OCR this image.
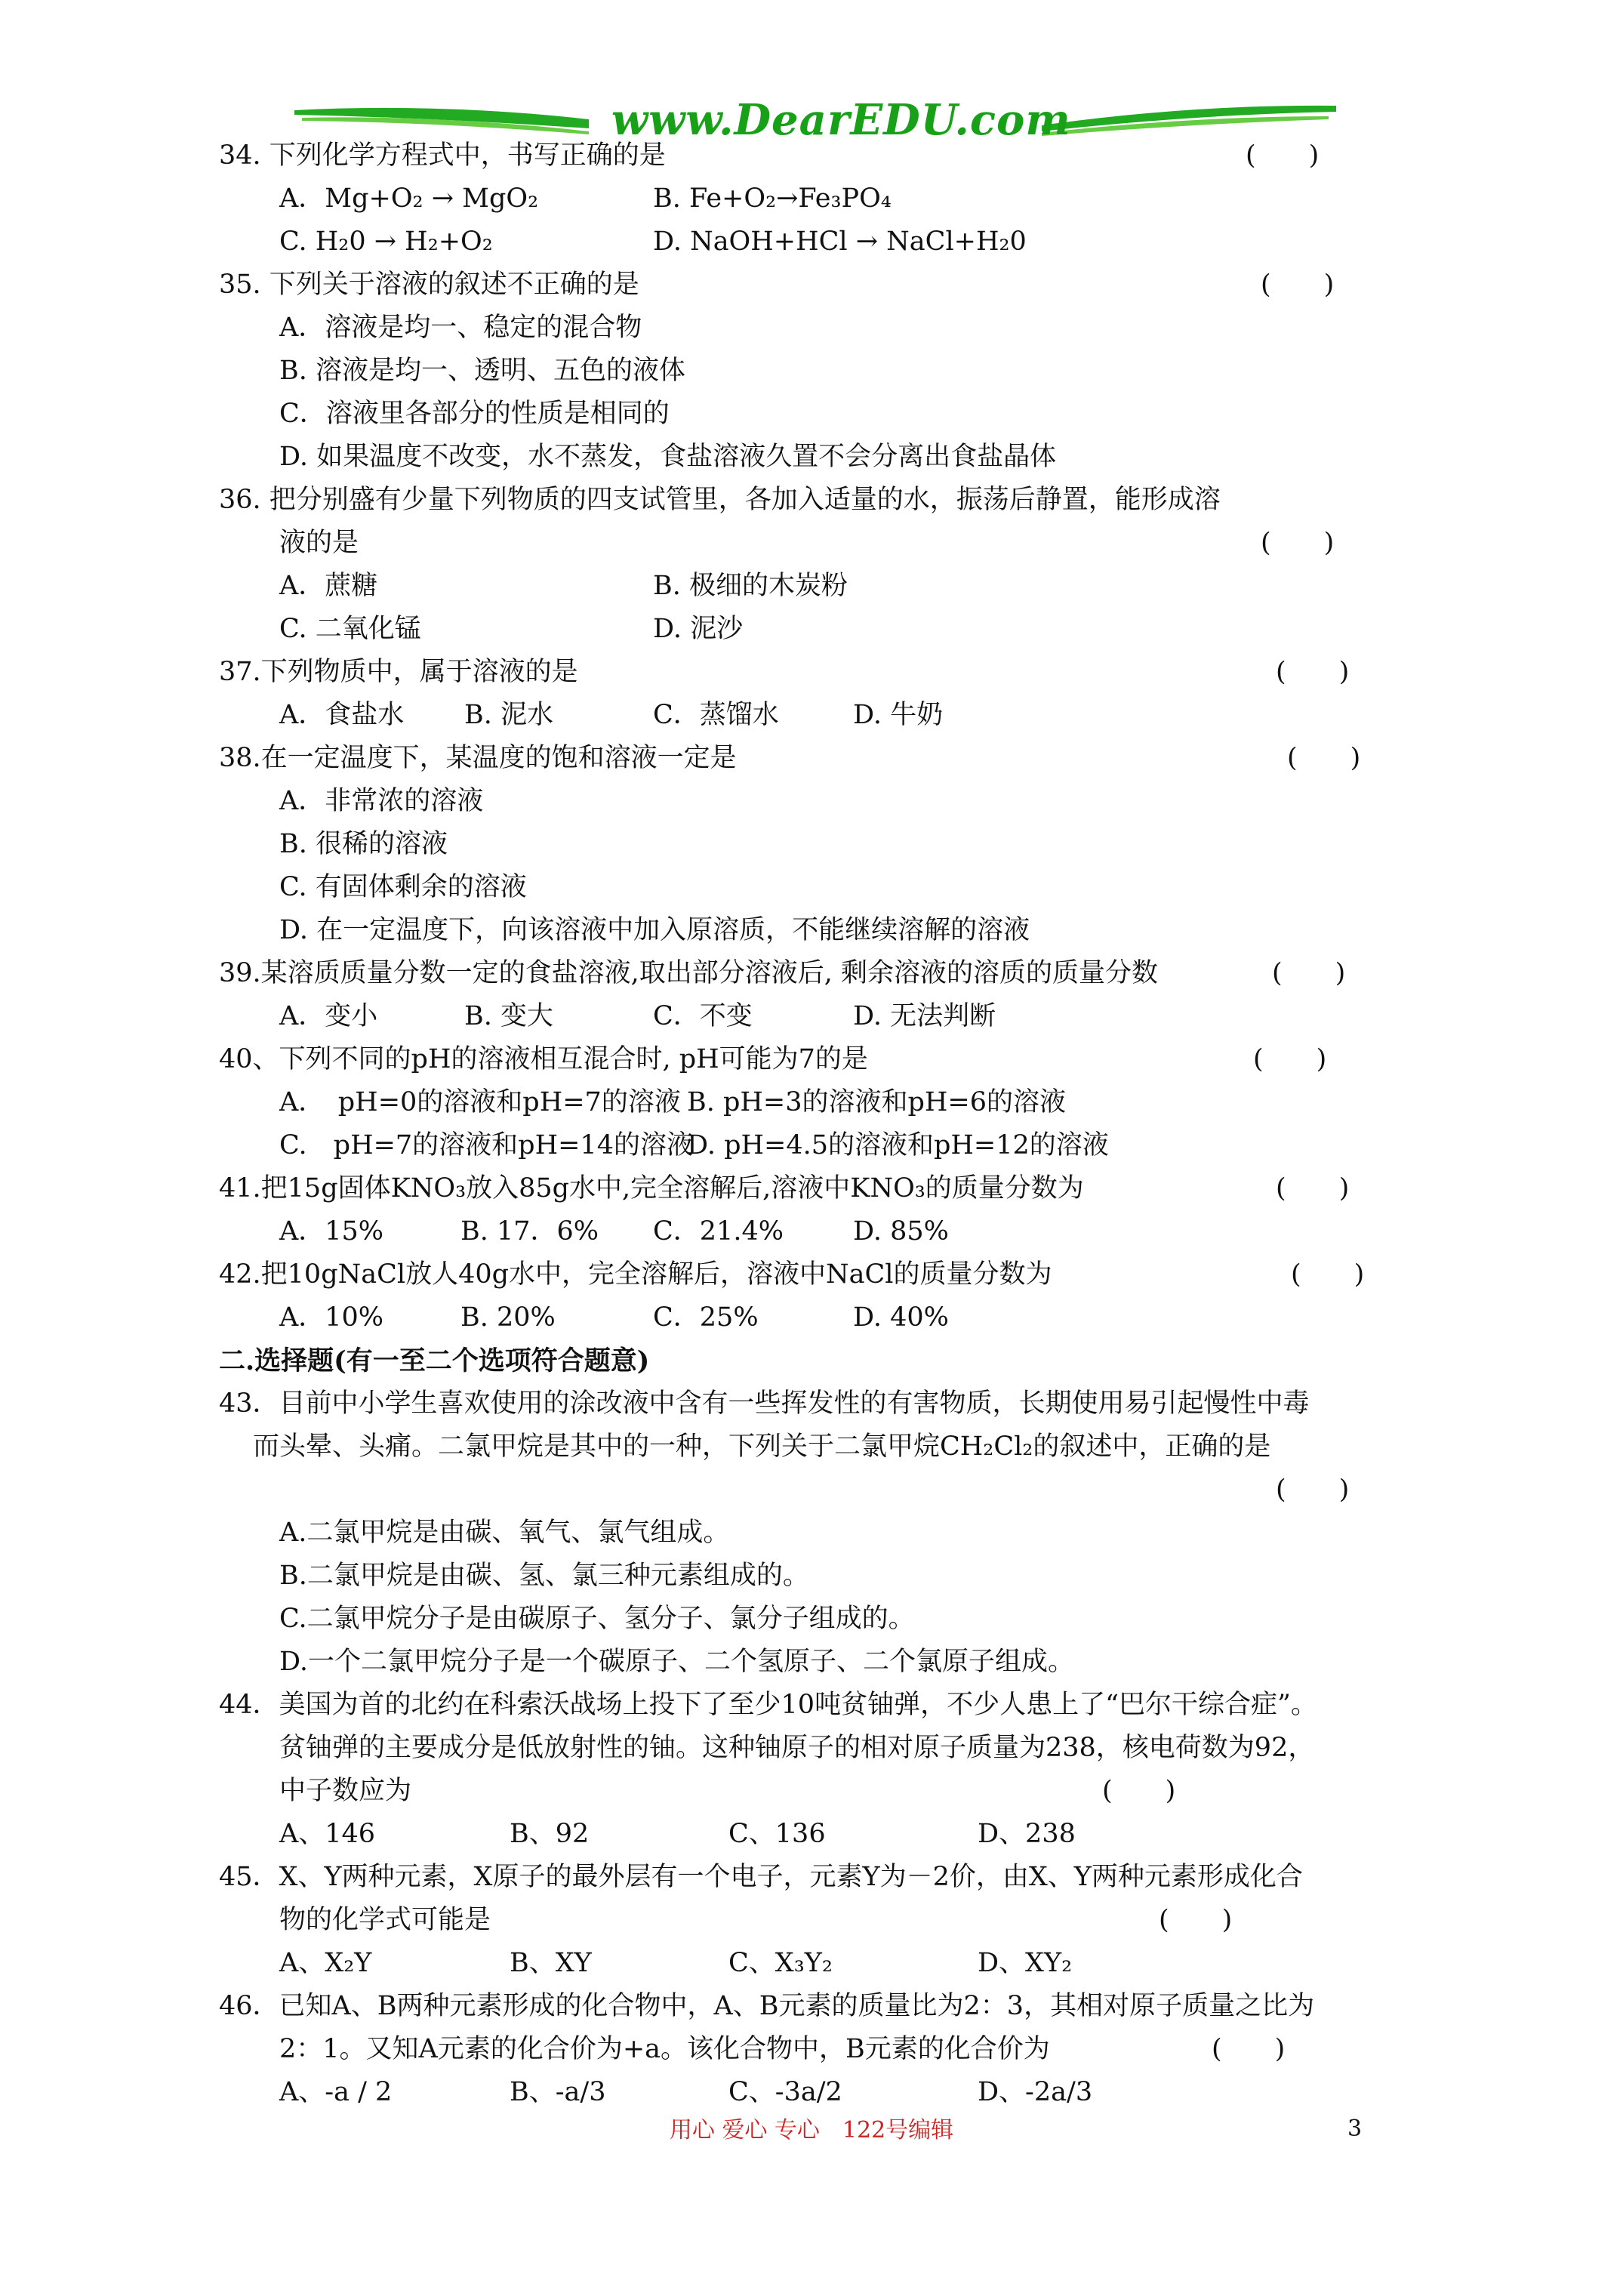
www.DearEDU.com
34. 下列化学方程式中，书写正确的是	(　　)
A．Mg+O₂ → MgO₂	B. Fe+O₂→Fe₃PO₄
C. H₂0 → H₂+O₂	D. NaOH+HCl → NaCl+H₂0
35. 下列关于溶液的叙述不正确的是	(　　)
A．溶液是均一、稳定的混合物
B. 溶液是均一、透明、五色的液体
C．溶液里各部分的性质是相同的
D. 如果温度不改变，水不蒸发，食盐溶液久置不会分离出食盐晶体
36. 把分别盛有少量下列物质的四支试管里，各加入适量的水，振荡后静置，能形成溶
液的是	(　　)
A．蔗糖	B. 极细的木炭粉
C. 二氧化锰	D. 泥沙
37.下列物质中，属于溶液的是	(　　)
A．食盐水 B. 泥水	C．蒸馏水	D. 牛奶
38.在一定温度下，某温度的饱和溶液一定是	(　　)
A．非常浓的溶液
B. 很稀的溶液
C. 有固体剩余的溶液
D. 在一定温度下，向该溶液中加入原溶质，不能继续溶解的溶液
39.某溶质质量分数一定的食盐溶液,取出部分溶液后, 剩余溶液的溶质的质量分数	(　　)
A．变小	B. 变大	C．不变	D. 无法判断
40、下列不同的pH的溶液相互混合时, pH可能为7的是	(　　)
A．　pH=0的溶液和pH=7的溶液 B. pH=3的溶液和pH=6的溶液
C.　pH=7的溶液和pH=14的溶液
D. pH=4.5的溶液和pH=12的溶液
41.把15g固体KNO₃放入85g水中,完全溶解后,溶液中KNO₃的质量分数为	(　　)
A．15%	B. 17．6% C．21.4%	D. 85%
42.把10gNaCl放人40g水中，完全溶解后，溶液中NaCl的质量分数为	(　　)
A．10%	B. 20%	C．25%	D. 40%
二.选择题(有一至二个选项符合题意)
43．目前中小学生喜欢使用的涂改液中含有一些挥发性的有害物质，长期使用易引起慢性中毒
而头晕、头痛。二氯甲烷是其中的一种，下列关于二氯甲烷CH₂Cl₂的叙述中，正确的是
(　　)
A.二氯甲烷是由碳、氧气、氯气组成。
B.二氯甲烷是由碳、氢、氯三种元素组成的。
C.二氯甲烷分子是由碳原子、氢分子、氯分子组成的。
D.一个二氯甲烷分子是一个碳原子、二个氢原子、二个氯原子组成。
44．美国为首的北约在科索沃战场上投下了至少10吨贫铀弹，不少人患上了“巴尔干综合症”。
贫铀弹的主要成分是低放射性的铀。这种铀原子的相对原子质量为238，核电荷数为92，
中子数应为	(　　)
A、146	B、92	C、136	D、238
45．X、Y两种元素，X原子的最外层有一个电子，元素Y为－2价，由X、Y两种元素形成化合
物的化学式可能是	(　　)
A、X₂Y	B、XY	C、X₃Y₂	D、XY₂
46．已知A、B两种元素形成的化合物中，A、B元素的质量比为2：3，其相对原子质量之比为
2：1。又知A元素的化合价为+a。该化合物中，B元素的化合价为	(　　)
A、-a / 2	B、-a/3	C、-3a/2	D、-2a/3
用心 爱心 专心　122号编辑	3
